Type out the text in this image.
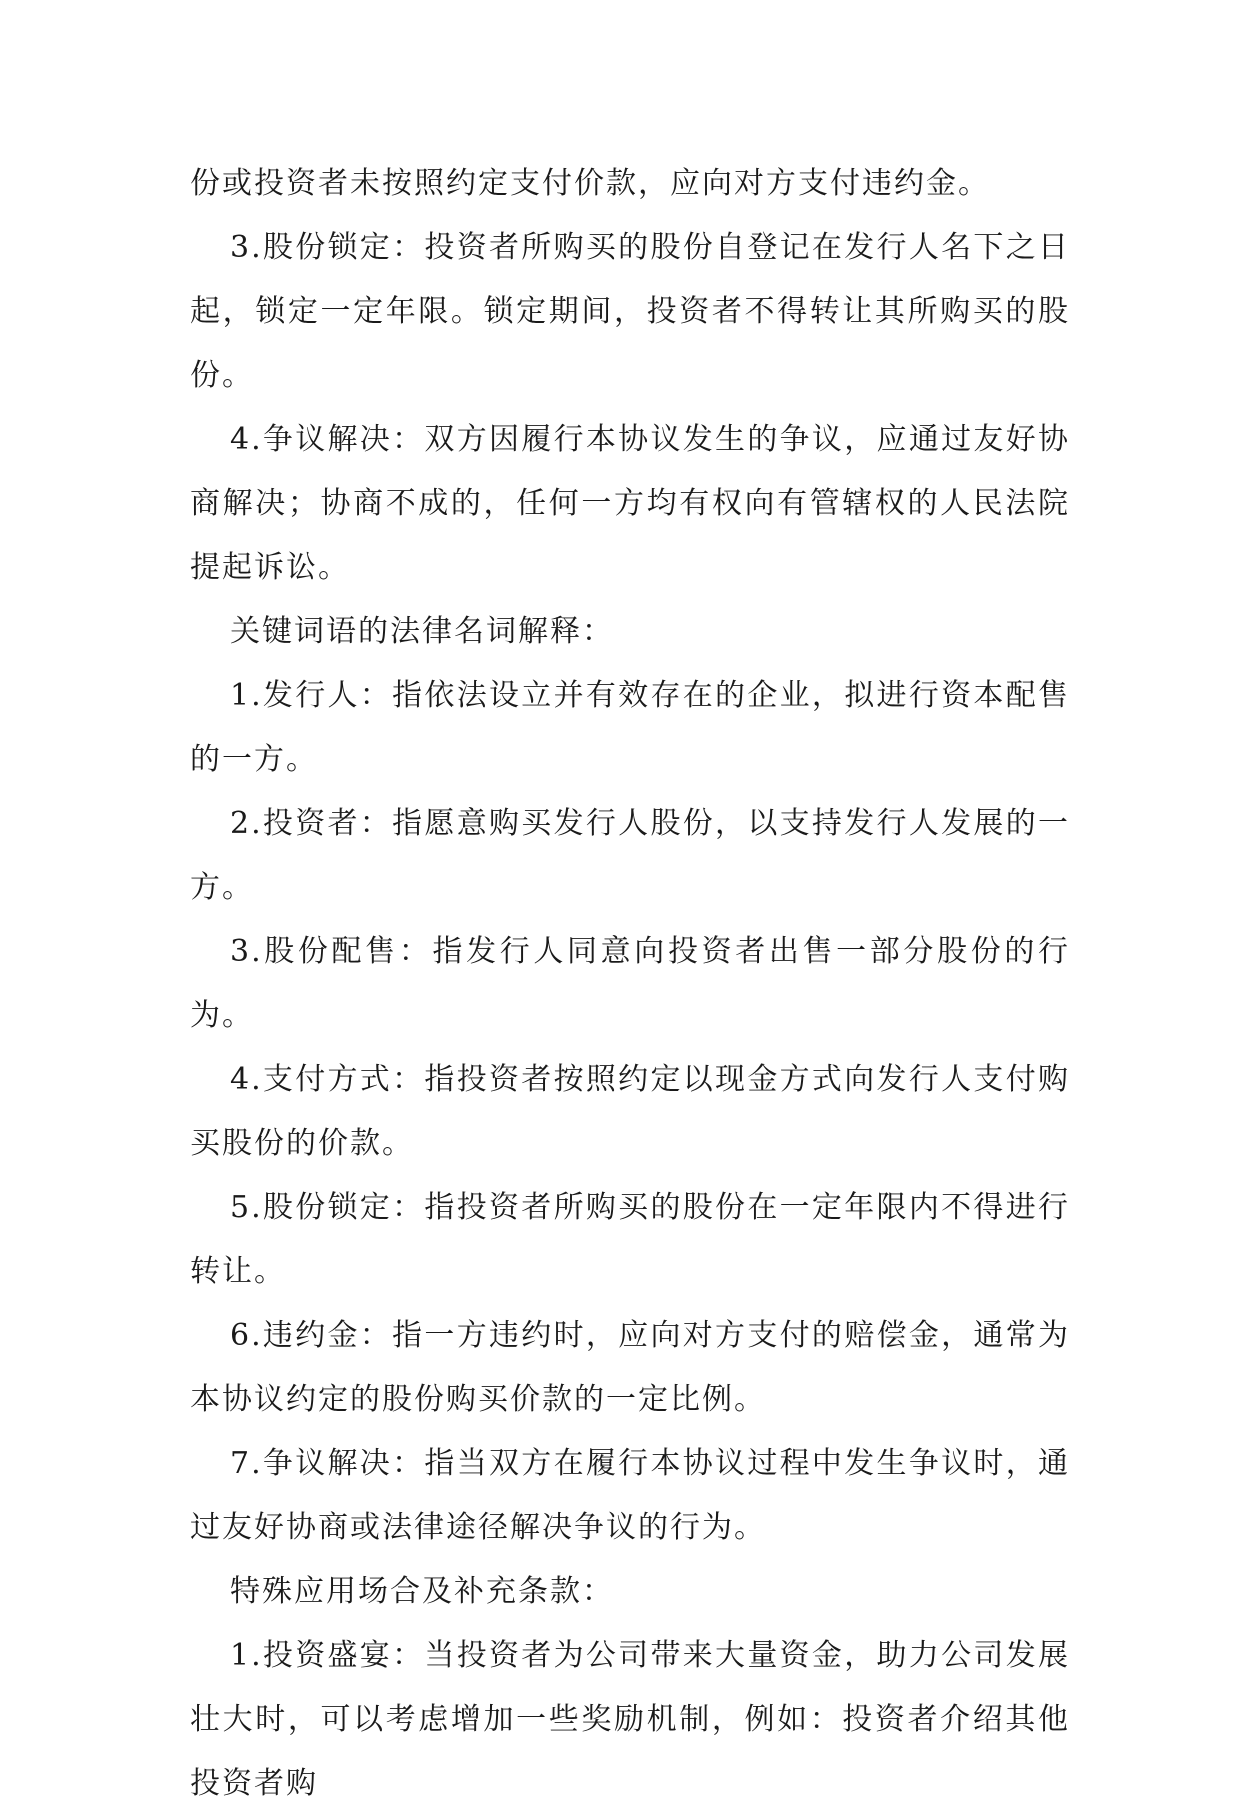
份或投资者未按照约定支付价款，应向对方支付违约金。

3.股份锁定：投资者所购买的股份自登记在发行人名下之日起，锁定一定年限。锁定期间，投资者不得转让其所购买的股份。

4.争议解决：双方因履行本协议发生的争议，应通过友好协商解决；协商不成的，任何一方均有权向有管辖权的人民法院提起诉讼。

关键词语的法律名词解释：

1.发行人：指依法设立并有效存在的企业，拟进行资本配售的一方。

2.投资者：指愿意购买发行人股份，以支持发行人发展的一方。

3.股份配售：指发行人同意向投资者出售一部分股份的行为。

4.支付方式：指投资者按照约定以现金方式向发行人支付购买股份的价款。

5.股份锁定：指投资者所购买的股份在一定年限内不得进行转让。

6.违约金：指一方违约时，应向对方支付的赔偿金，通常为本协议约定的股份购买价款的一定比例。

7.争议解决：指当双方在履行本协议过程中发生争议时，通过友好协商或法律途径解决争议的行为。

特殊应用场合及补充条款：

1.投资盛宴：当投资者为公司带来大量资金，助力公司发展壮大时，可以考虑增加一些奖励机制，例如：投资者介绍其他投资者购
